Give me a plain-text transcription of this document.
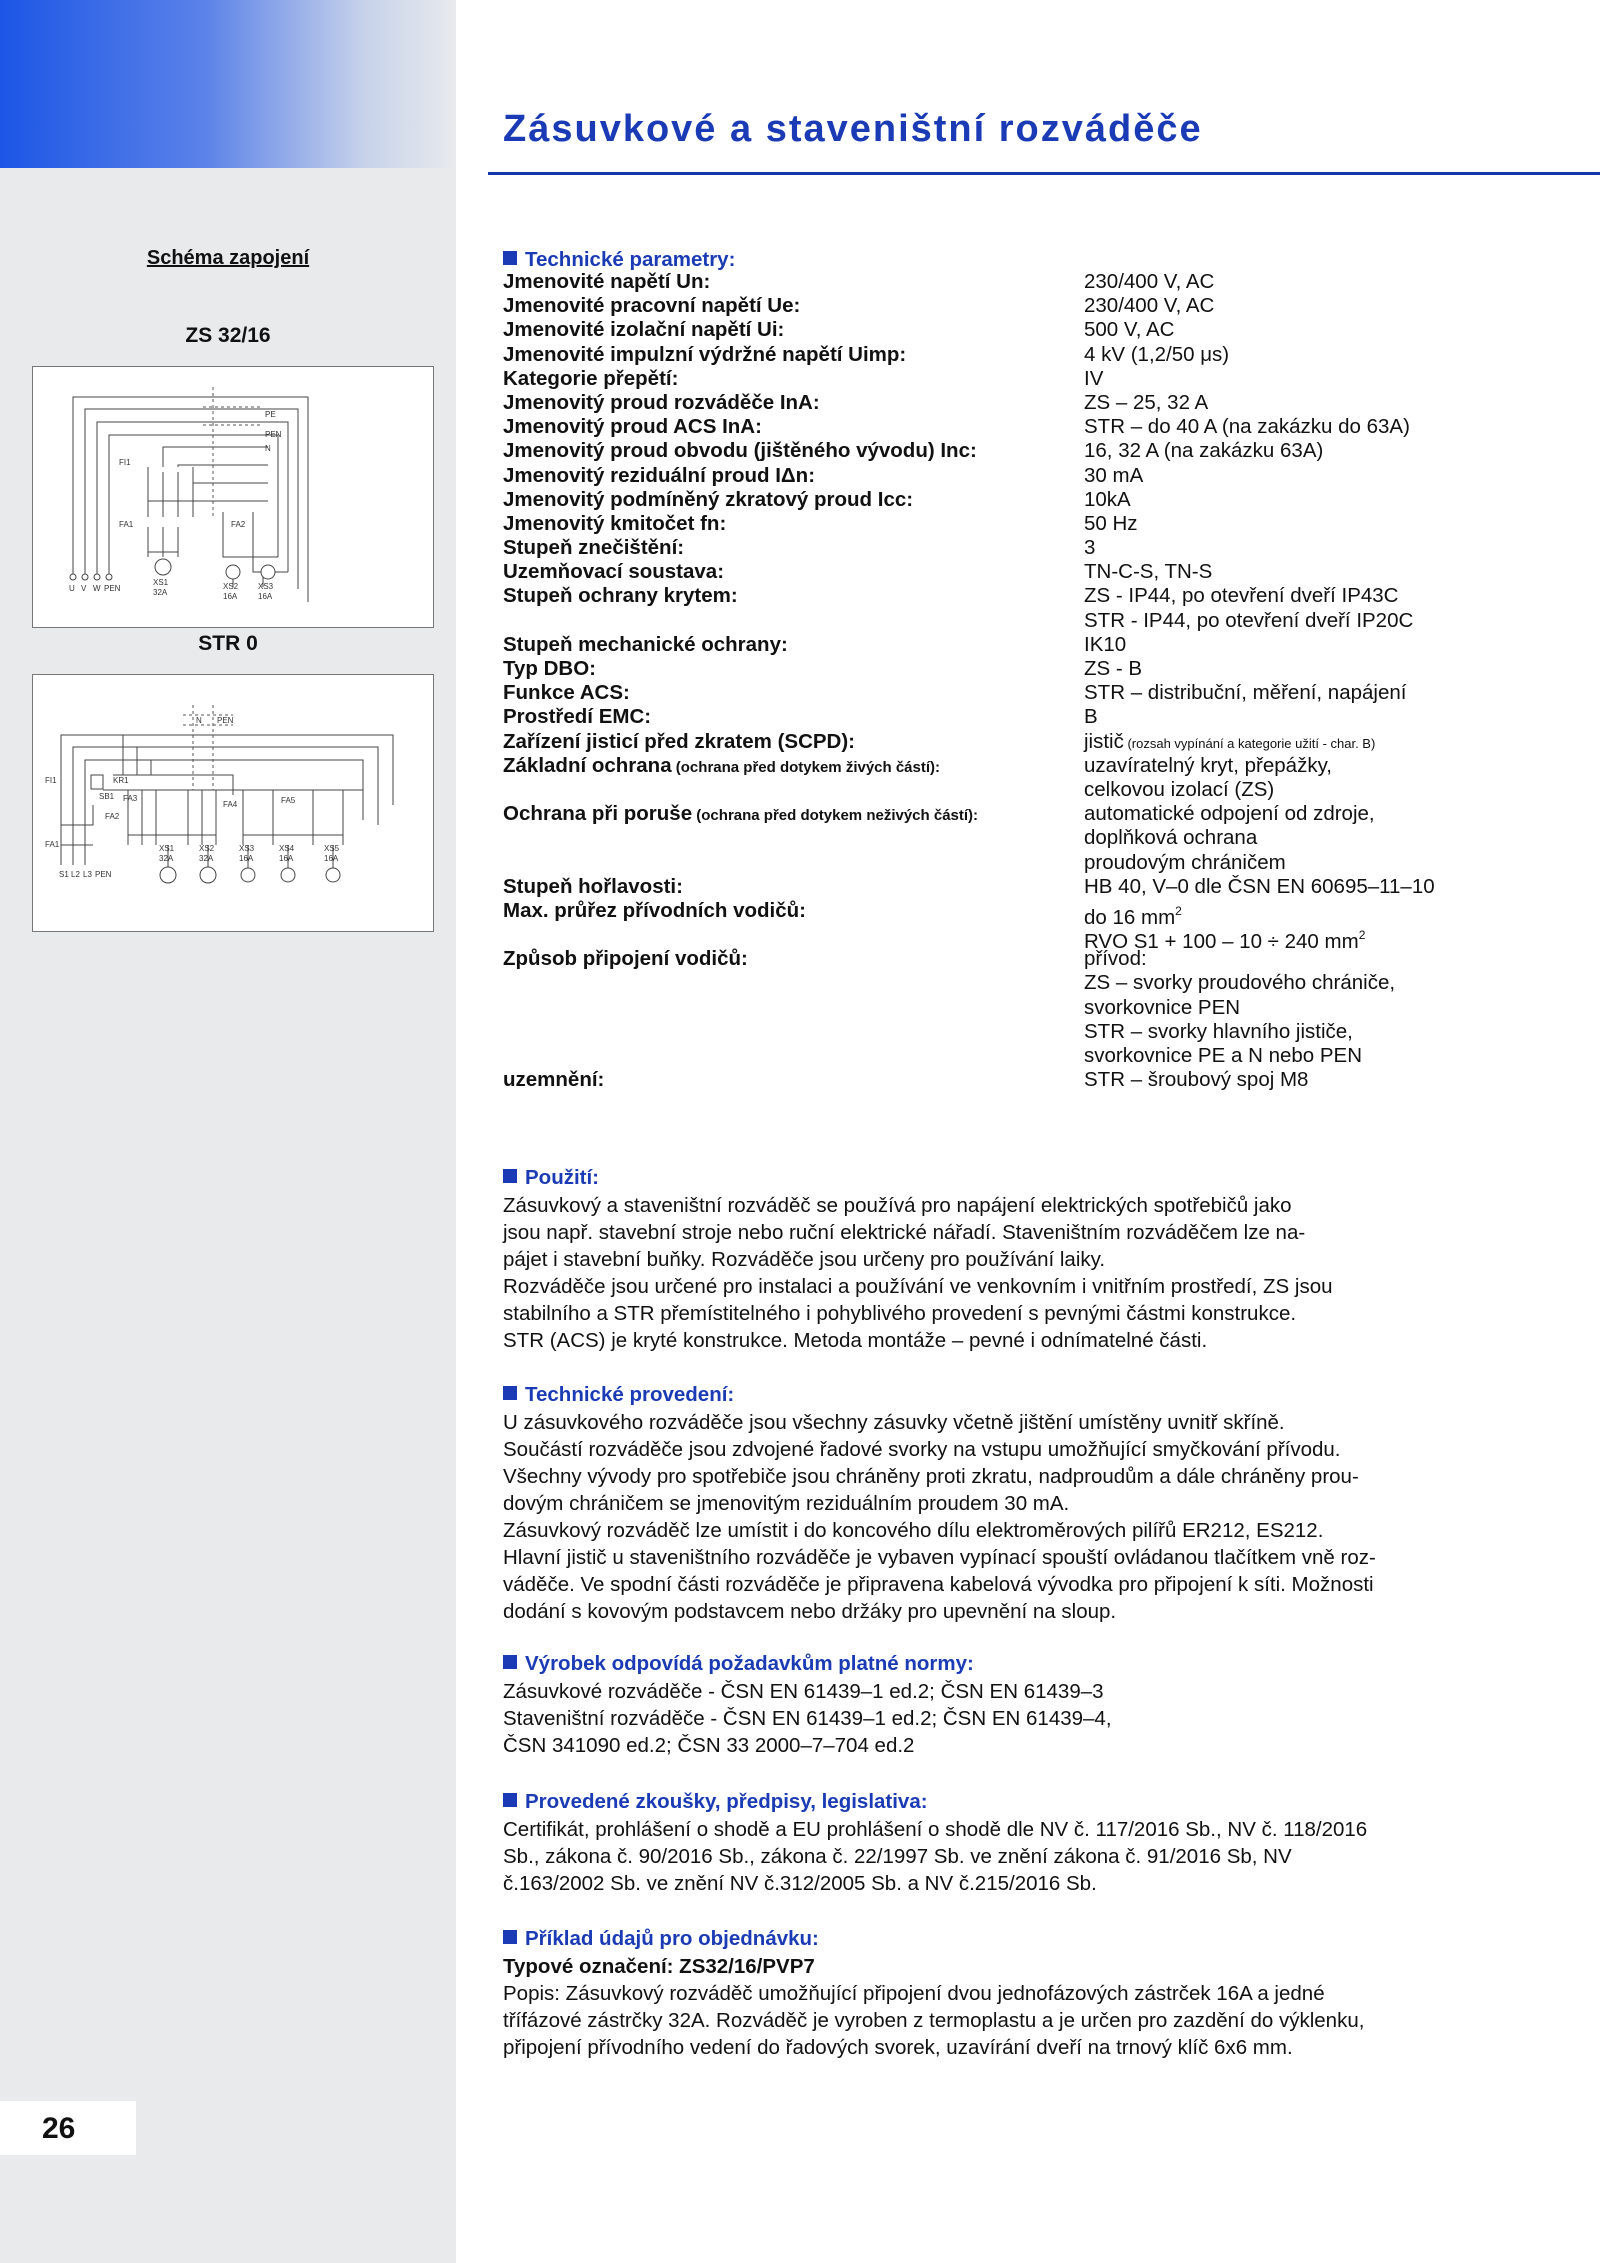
Zásuvkové a staveništní rozváděče
Schéma zapojení
ZS 32/16
PE
PEN
N
FI1
FA1	FA2
U V W PEN
XS1
32A
XS2
16A
XS3
16A
STR 0
N PEN
FI1	KR1
SB1 FA3
FA2
FA4	FA5
FA1
S1 L2 L3 PEN
XS1
32A
XS2
32A
XS3
16A
XS4
16A
XS5
16A
26
Technické parametry:
Jmenovité napětí Un:	230/400 V, AC
Jmenovité pracovní napětí Ue:	230/400 V, AC
Jmenovité izolační napětí Ui:	500 V, AC
Jmenovité impulzní výdržné napětí Uimp:	4 kV (1,2/50 μs)
Kategorie přepětí:	IV
Jmenovitý proud rozváděče InA:	ZS – 25, 32 A
Jmenovitý proud ACS InA:	STR – do 40 A (na zakázku do 63A)
Jmenovitý proud obvodu (jištěného vývodu) Inc:	16, 32 A (na zakázku 63A)
Jmenovitý reziduální proud IΔn:	30 mA
Jmenovitý podmíněný zkratový proud Icc:	10kA
Jmenovitý kmitočet fn:	50 Hz
Stupeň znečištění:	3
Uzemňovací soustava:	TN-C-S, TN-S
Stupeň ochrany krytem:	ZS - IP44, po otevření dveří IP43C
STR - IP44, po otevření dveří IP20C
Stupeň mechanické ochrany:	IK10
Typ DBO:	ZS - B
Funkce ACS:	STR – distribuční, měření, napájení
Prostředí EMC:	B
Zařízení jisticí před zkratem (SCPD):	jistič (rozsah vypínání a kategorie užití - char. B)
Základní ochrana (ochrana před dotykem živých částí):	uzavíratelný kryt, přepážky,
celkovou izolací (ZS)
Ochrana při poruše (ochrana před dotykem neživých částí):	automatické odpojení od zdroje,
doplňková ochrana
proudovým chráničem
Stupeň hořlavosti:	HB 40, V–0 dle ČSN EN 60695–11–10
Max. průřez přívodních vodičů:	do 16 $mm^2$
RVO S1 + 100 – 10 ÷ 240 $mm^2$
Způsob připojení vodičů:	přívod:
ZS – svorky proudového chrániče,
svorkovnice PEN
STR – svorky hlavního jističe,
svorkovnice PE a N nebo PEN
uzemnění:	STR – šroubový spoj M8
Použití:
Zásuvkový a staveništní rozváděč se používá pro napájení elektrických spotřebičů jako
jsou např. stavební stroje nebo ruční elektrické nářadí. Staveništním rozváděčem lze na-
pájet i stavební buňky. Rozváděče jsou určeny pro používání laiky.
Rozváděče jsou určené pro instalaci a používání ve venkovním i vnitřním prostředí, ZS jsou
stabilního a STR přemístitelného i pohyblivého provedení s pevnými částmi konstrukce.
STR (ACS) je kryté konstrukce. Metoda montáže – pevné i odnímatelné části.
Technické provedení:
U zásuvkového rozváděče jsou všechny zásuvky včetně jištění umístěny uvnitř skříně.
Součástí rozváděče jsou zdvojené řadové svorky na vstupu umožňující smyčkování přívodu.
Všechny vývody pro spotřebiče jsou chráněny proti zkratu, nadproudům a dále chráněny prou-
dovým chráničem se jmenovitým reziduálním proudem 30 mA.
Zásuvkový rozváděč lze umístit i do koncového dílu elektroměrových pilířů ER212, ES212.
Hlavní jistič u staveništního rozváděče je vybaven vypínací spouští ovládanou tlačítkem vně roz-
váděče. Ve spodní části rozváděče je připravena kabelová vývodka pro připojení k síti. Možnosti
dodání s kovovým podstavcem nebo držáky pro upevnění na sloup.
Výrobek odpovídá požadavkům platné normy:
Zásuvkové rozváděče - ČSN EN 61439–1 ed.2; ČSN EN 61439–3
Staveništní rozváděče - ČSN EN 61439–1 ed.2; ČSN EN 61439–4,
ČSN 341090 ed.2; ČSN 33 2000–7–704 ed.2
Provedené zkoušky, předpisy, legislativa:
Certifikát, prohlášení o shodě a EU prohlášení o shodě dle NV č. 117/2016 Sb., NV č. 118/2016
Sb., zákona č. 90/2016 Sb., zákona č. 22/1997 Sb. ve znění zákona č. 91/2016 Sb, NV
č.163/2002 Sb. ve znění NV č.312/2005 Sb. a NV č.215/2016 Sb.
Příklad údajů pro objednávku:
Typové označení: ZS32/16/PVP7
Popis: Zásuvkový rozváděč umožňující připojení dvou jednofázových zástrček 16A a jedné
třífázové zástrčky 32A. Rozváděč je vyroben z termoplastu a je určen pro zazdění do výklenku,
připojení přívodního vedení do řadových svorek, uzavírání dveří na trnový klíč 6x6 mm.
